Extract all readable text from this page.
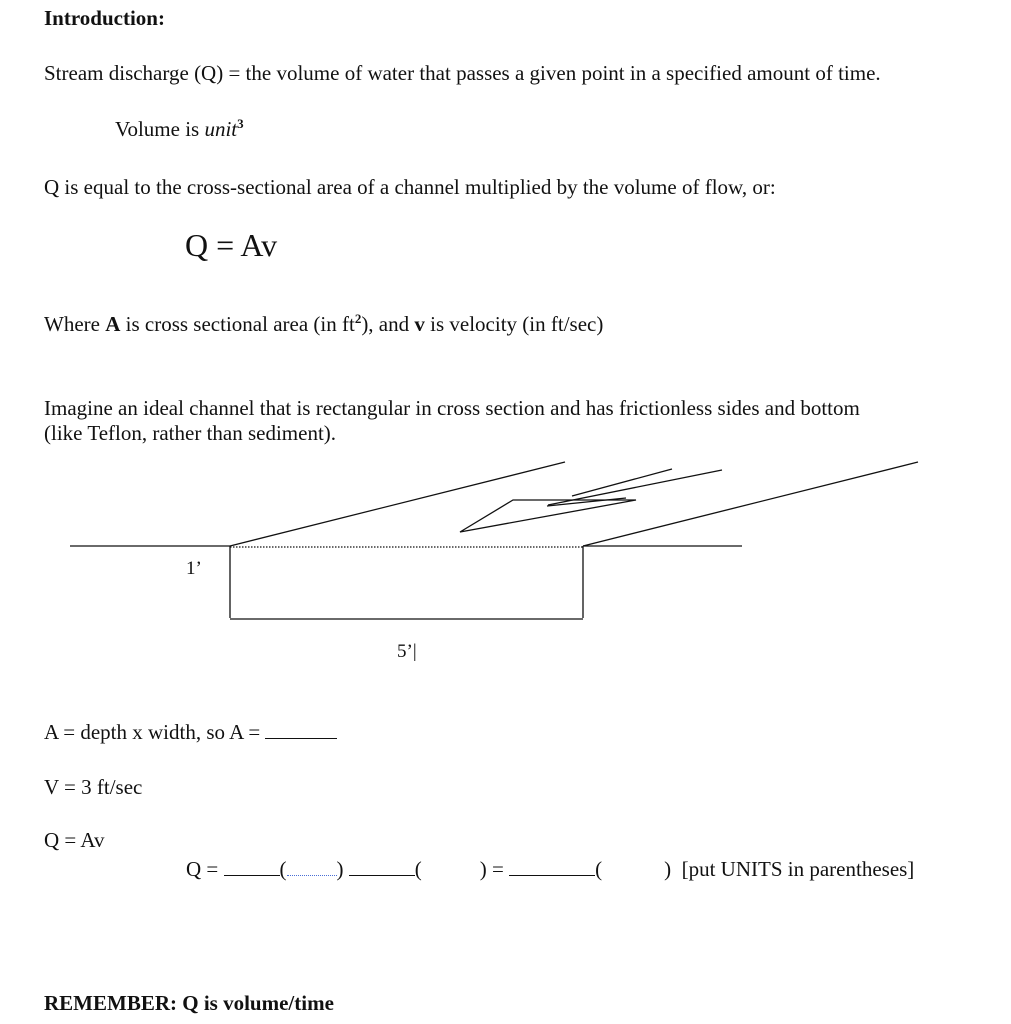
Introduction:
Stream discharge (Q) = the volume of water that passes a given point in a specified amount of time.
Volume is unit$^3$
Q is equal to the cross-sectional area of a channel multiplied by the volume of flow, or:
Q = Av
Where A is cross sectional area (in $ft^2$), and v is velocity (in ft/sec)
Imagine an ideal channel that is rectangular in cross section and has frictionless sides and bottom
(like Teflon, rather than sediment).
1’
5’|
A = depth x width, so A =
V = 3 ft/sec
Q = Av
Q =	( )	(	) =	(	) [put UNITS in parentheses]
REMEMBER: Q is volume/time
